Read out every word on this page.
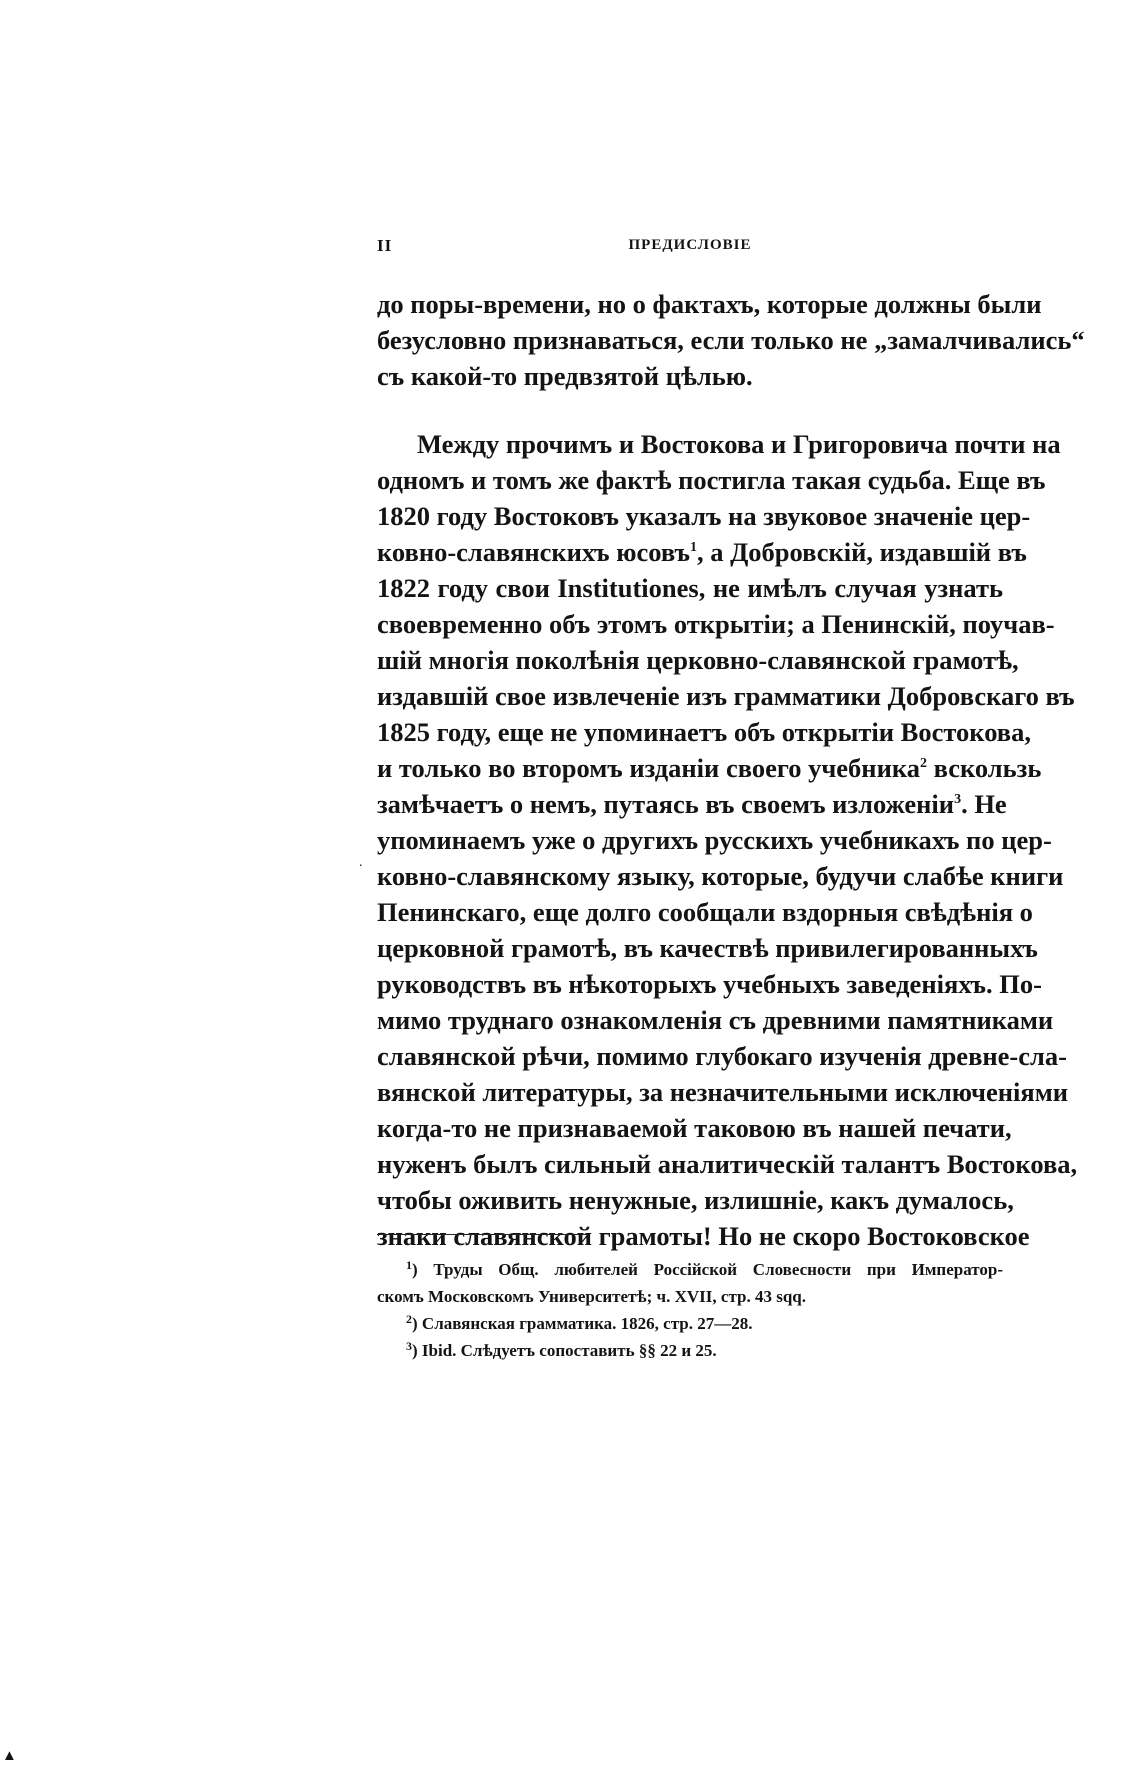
II	ПРЕДИСЛОВІЕ
до поры-времени, но о фактахъ, которые должны были
безусловно признаваться, если только не „замалчивались“
съ какой-то предвзятой цѣлью.
Между прочимъ и Востокова и Григоровича почти на
одномъ и томъ же фактѣ постигла такая судьба. Еще въ
1820 году Востоковъ указалъ на звуковое значеніе цер-
ковно-славянскихъ юсовъ$^1$, а Добровскій, издавшій въ
1822 году свои Institutiones, не имѣлъ случая узнать
своевременно объ этомъ открытіи; а Пенинскій, поучав-
шій многія поколѣнія церковно-славянской грамотѣ,
издавшій свое извлеченіе изъ грамматики Добровскаго въ
1825 году, еще не упоминаетъ объ открытіи Востокова,
и только во второмъ изданіи своего учебника$^2$ вскользь
замѣчаетъ о немъ, путаясь въ своемъ изложеніи$^3$. Не
упоминаемъ уже о другихъ русскихъ учебникахъ по цер-
ковно-славянскому языку, которые, будучи слабѣе книги
Пенинскаго, еще долго сообщали вздорныя свѣдѣнія о
церковной грамотѣ, въ качествѣ привилегированныхъ
руководствъ въ нѣкоторыхъ учебныхъ заведеніяхъ. По-
мимо труднаго ознакомленія съ древними памятниками
славянской рѣчи, помимо глубокаго изученія древне-сла-
вянской литературы, за незначительными исключеніями
когда-то не признаваемой таковою въ нашей печати,
нуженъ былъ сильный аналитическій талантъ Востокова,
чтобы оживить ненужные, излишніе, какъ думалось,
знаки славянской грамоты! Но не скоро Востоковское
$^1$) Труды Общ. любителей Россійской Словесности при Император-
скомъ Московскомъ Университетѣ; ч. XVII, стр. 43 sqq.
$^2$) Славянская грамматика. 1826, стр. 27—28.
$^3$) Ibid. Слѣдуетъ сопоставить §§ 22 и 25.
.
▲
